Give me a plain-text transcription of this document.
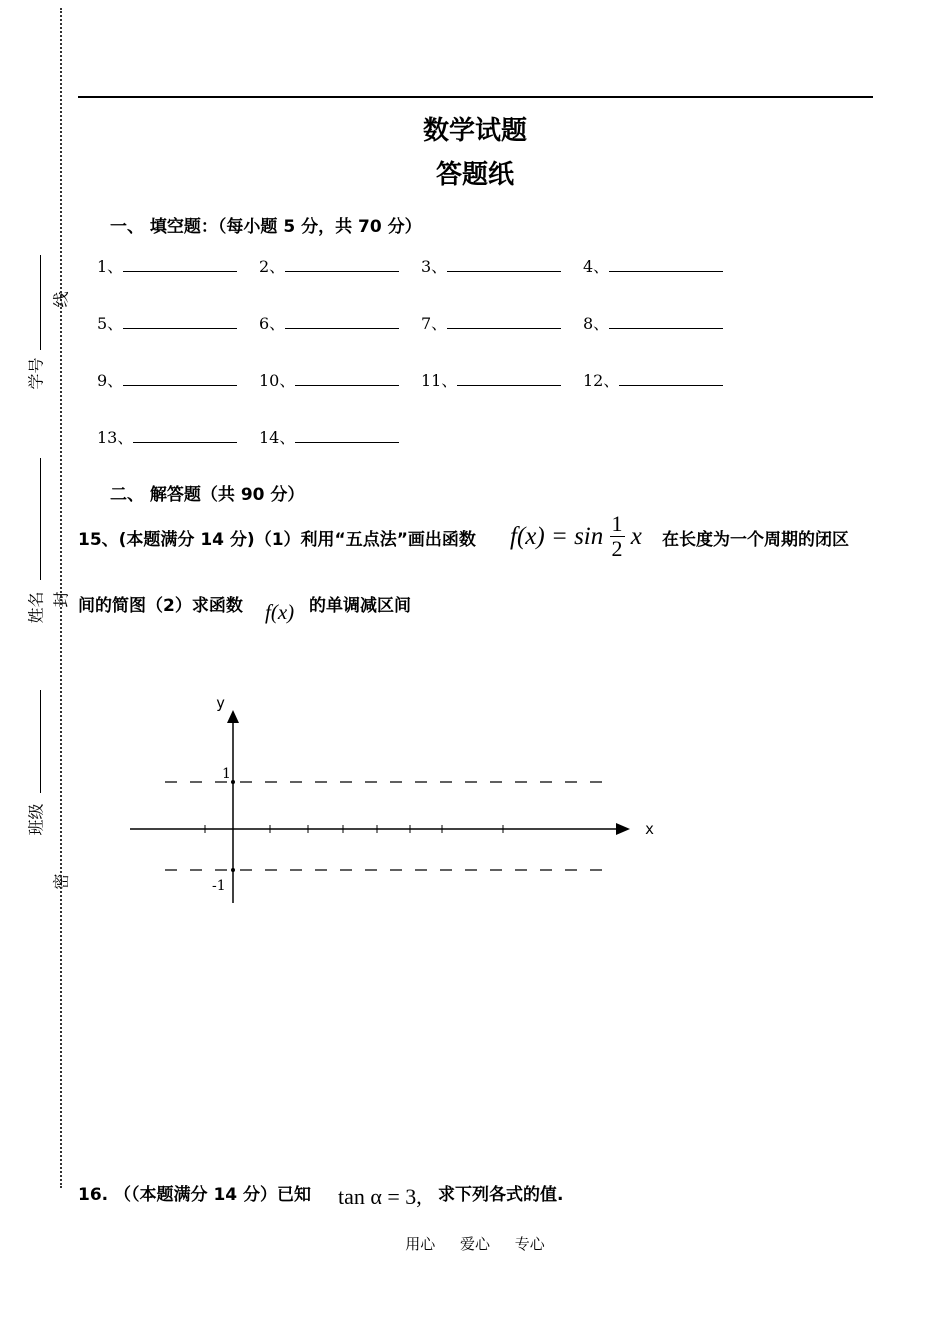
学号
姓名
班级
线
封
密
数学试题
答题纸
一、 填空题：（每小题 5 分，共 70 分）
1、	2、	3、	4、
5、	6、	7、	8、
9、	10、	11、	12、
13、	14、
二、 解答题（共 90 分）
15、(本题满分 14 分)（1）利用“五点法”画出函数 $f(x) = \sin \frac{1}{2}$ x 在长度为一个周期的闭区
间的简图（2）求函数 f(x) 的单调减区间
y
x
1
-1
16. （（本题满分 14 分）已知 tan α = 3, 求下列各式的值.
用心 爱心 专心
